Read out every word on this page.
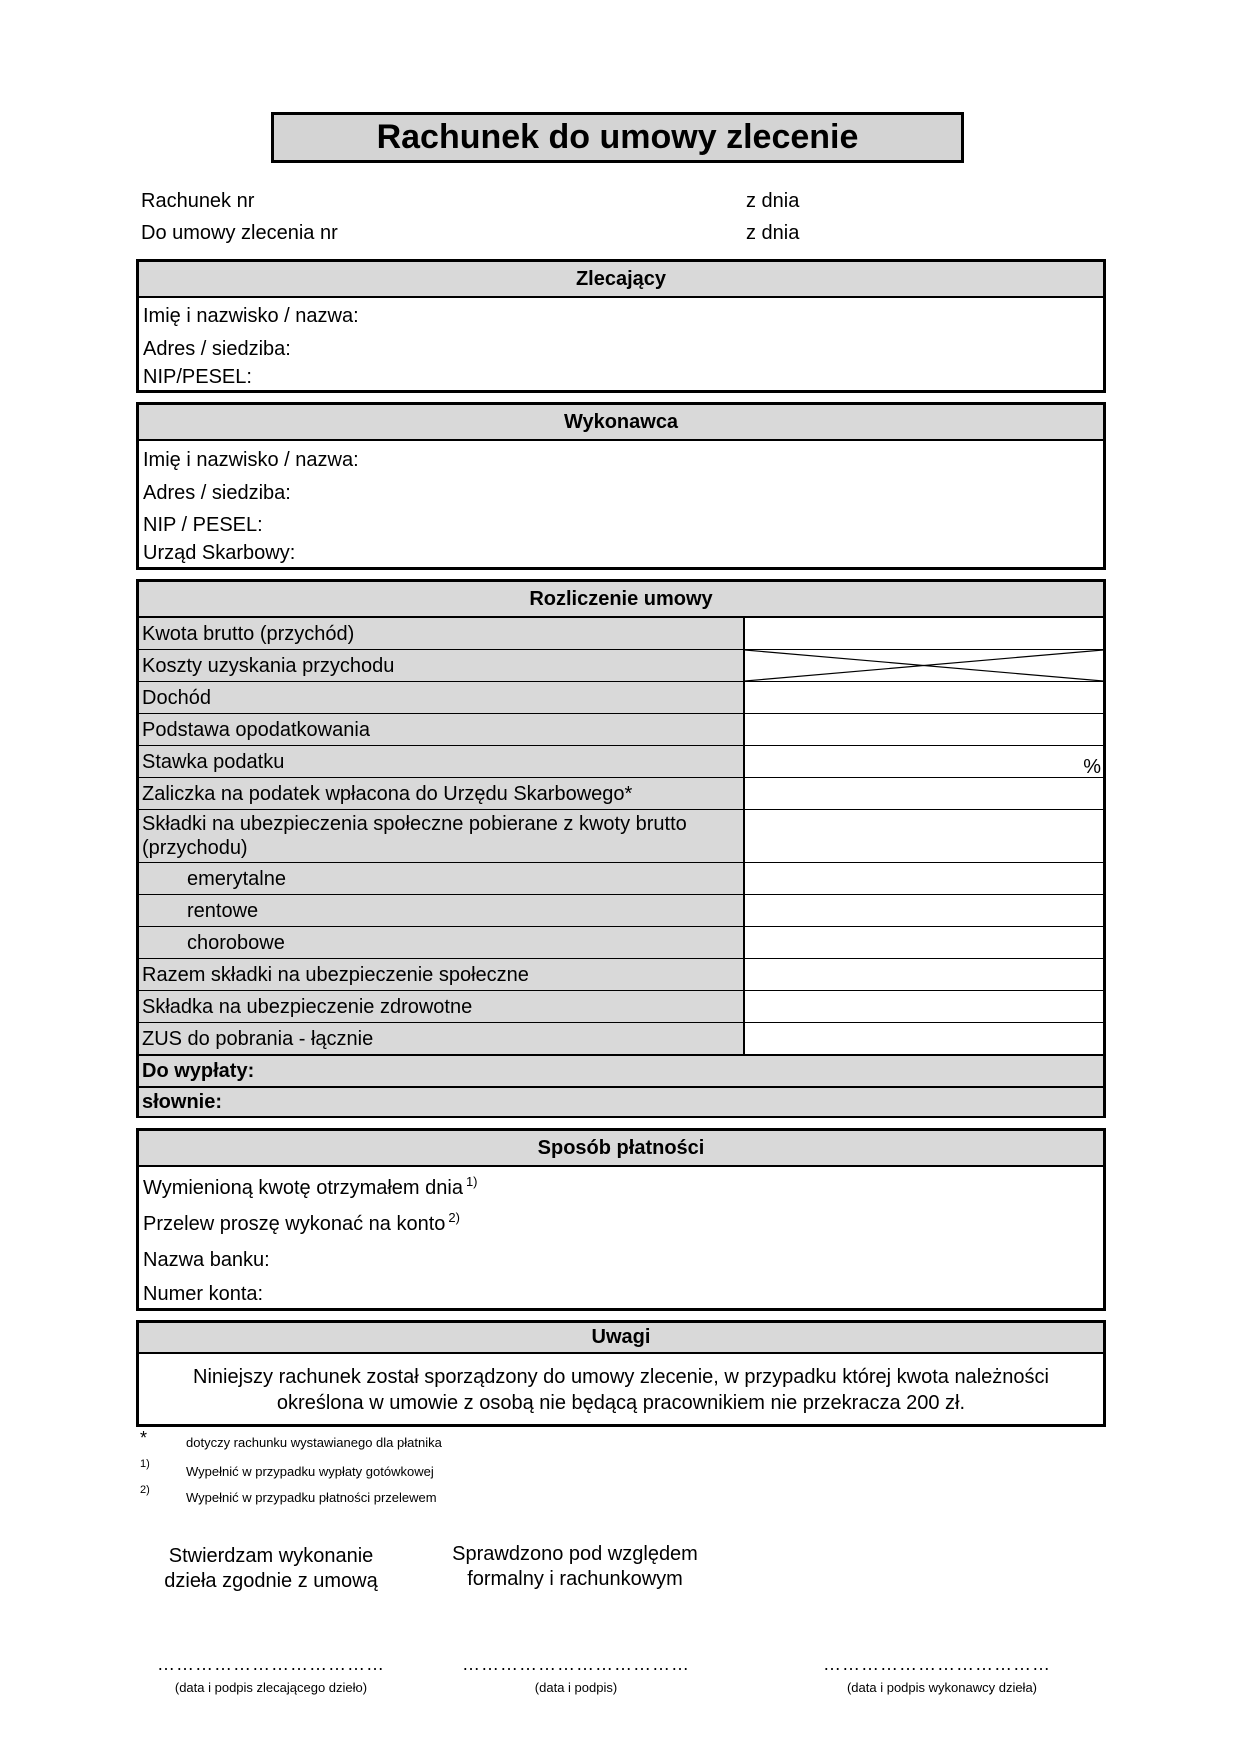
Rachunek do umowy zlecenie
Rachunek nr	z dnia
Do umowy zlecenia nr	z dnia
Zlecający
Imię i nazwisko / nazwa:
Adres / siedziba:
NIP/PESEL:
Wykonawca
Imię i nazwisko / nazwa:
Adres / siedziba:
NIP / PESEL:
Urząd Skarbowy:
Rozliczenie umowy
Kwota brutto (przychód)
Koszty uzyskania przychodu
Dochód
Podstawa opodatkowania
Stawka podatku	%
Zaliczka na podatek wpłacona do Urzędu Skarbowego*
Składki na ubezpieczenia społeczne pobierane z kwoty brutto (przychodu)
emerytalne
rentowe
chorobowe
Razem składki na ubezpieczenie społeczne
Składka na ubezpieczenie zdrowotne
ZUS do pobrania - łącznie
Do wypłaty:
słownie:
Sposób płatności
Wymienioną kwotę otrzymałem dnia $^{1)}$
Przelew proszę wykonać na konto $^{2)}$
Nazwa banku:
Numer konta:
Uwagi
Niniejszy rachunek został sporządzony do umowy zlecenie, w przypadku której kwota należności
określona w umowie z osobą nie będącą pracownikiem nie przekracza 200 zł.
*	dotyczy rachunku wystawianego dla płatnika
1)	Wypełnić w przypadku wypłaty gotówkowej
2)	Wypełnić w przypadku płatności przelewem
Stwierdzam wykonanie
dzieła zgodnie z umową
Sprawdzono pod względem
formalny i rachunkowym
………………………………	………………………………	………………………………
(data i podpis zlecającego dzieło)	(data i podpis)	(data i podpis wykonawcy dzieła)
